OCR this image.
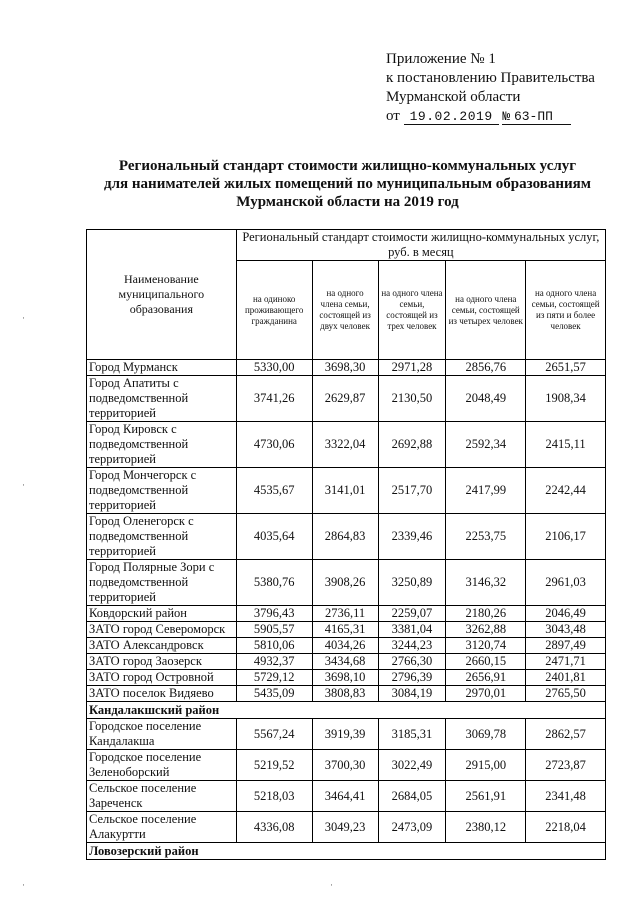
Приложение № 1
к постановлению Правительства
Мурманской области
от 19.02.2019 № 63-ПП
Региональный стандарт стоимости жилищно-коммунальных услуг
для нанимателей жилых помещений по муниципальным образованиям
Мурманской области на 2019 год
Наименование муниципального образования	Региональный стандарт стоимости жилищно-коммунальных услуг, руб. в месяц				
	на одиноко проживающего гражданина	на одного члена семьи, состоящей из двух человек	на одного члена семьи, состоящей из трех человек	на одного члена семьи, состоящей из четырех человек	на одного члена семьи, состоящей из пяти и более человек
Город Мурманск	5330,00	3698,30	2971,28	2856,76	2651,57
Город Апатиты с подведомственной территорией	3741,26	2629,87	2130,50	2048,49	1908,34
Город Кировск с подведомственной территорией	4730,06	3322,04	2692,88	2592,34	2415,11
Город Мончегорск с подведомственной территорией	4535,67	3141,01	2517,70	2417,99	2242,44
Город Оленегорск с подведомственной территорией	4035,64	2864,83	2339,46	2253,75	2106,17
Город Полярные Зори с подведомственной территорией	5380,76	3908,26	3250,89	3146,32	2961,03
Ковдорский район	3796,43	2736,11	2259,07	2180,26	2046,49
ЗАТО город Североморск	5905,57	4165,31	3381,04	3262,88	3043,48
ЗАТО Александровск	5810,06	4034,26	3244,23	3120,74	2897,49
ЗАТО город Заозерск	4932,37	3434,68	2766,30	2660,15	2471,71
ЗАТО город Островной	5729,12	3698,10	2796,39	2656,91	2401,81
ЗАТО поселок Видяево	5435,09	3808,83	3084,19	2970,01	2765,50
Кандалакшский район					
Городское поселение Кандалакша	5567,24	3919,39	3185,31	3069,78	2862,57
Городское поселение Зеленоборский	5219,52	3700,30	3022,49	2915,00	2723,87
Сельское поселение Зареченск	5218,03	3464,41	2684,05	2561,91	2341,48
Сельское поселение Алакуртти	4336,08	3049,23	2473,09	2380,12	2218,04
Ловозерский район					
·
·
·	·
